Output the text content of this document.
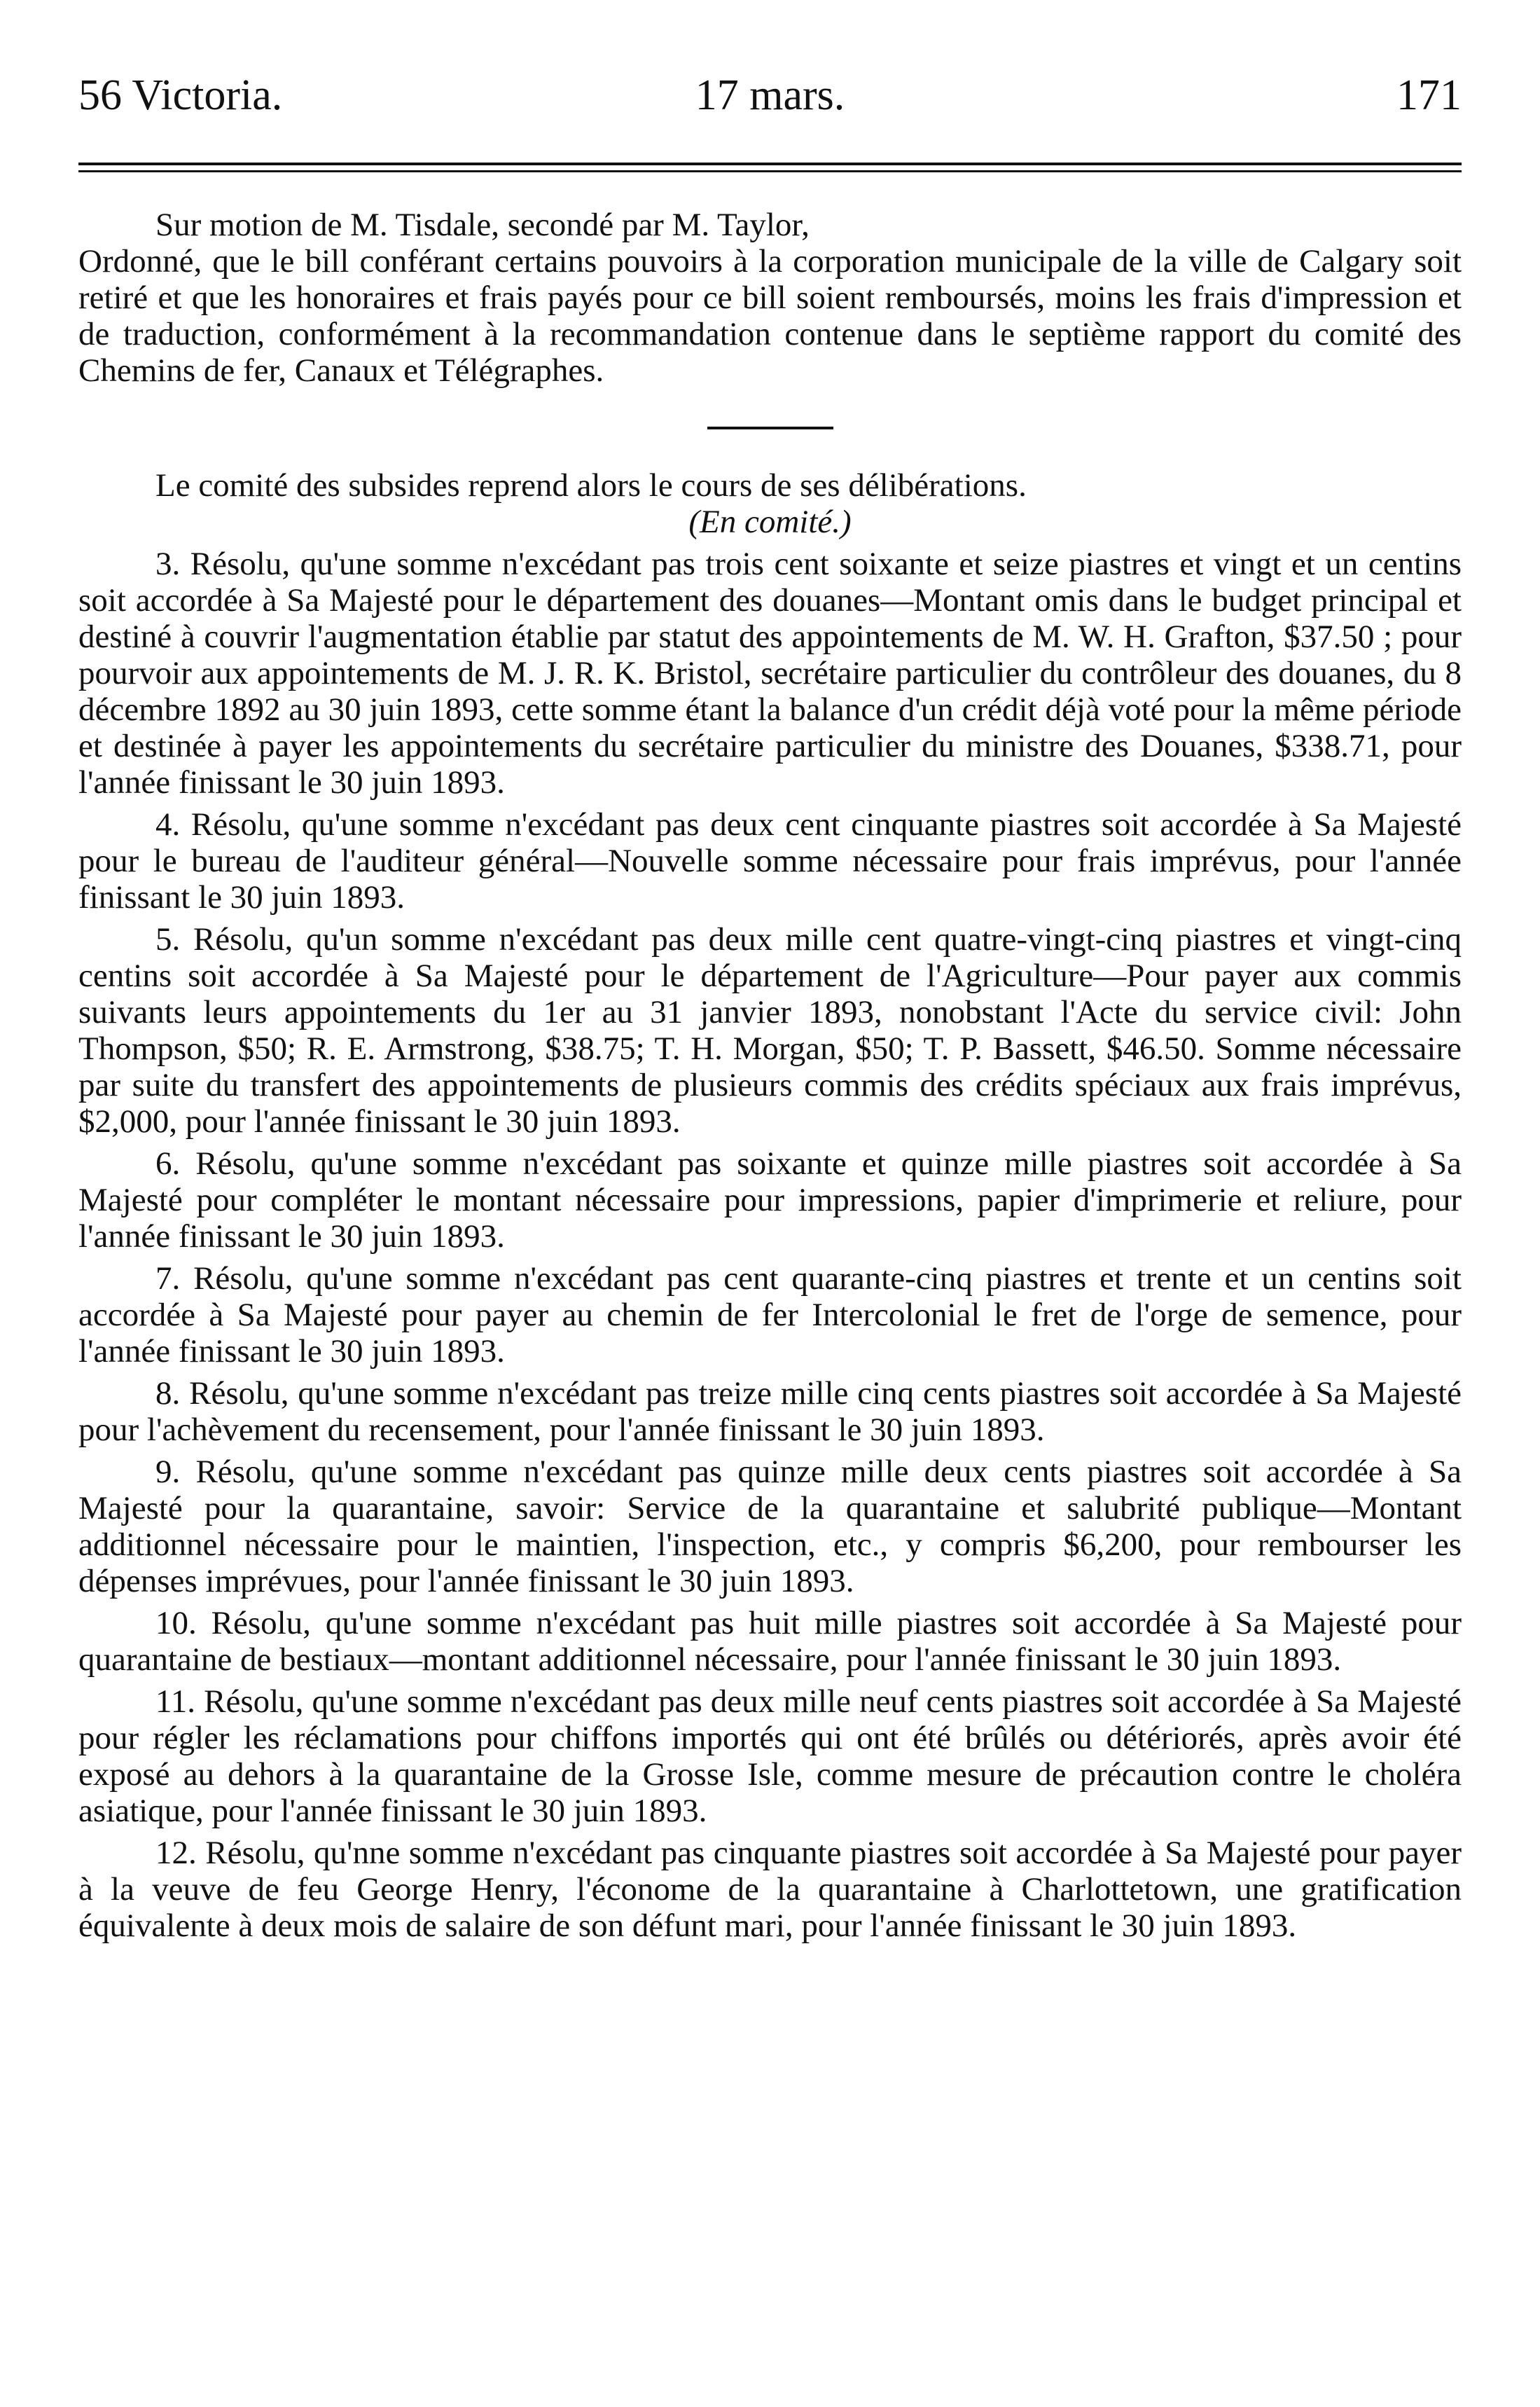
56 Victoria.	17 mars.	171

Sur motion de M. Tisdale, secondé par M. Taylor,

Ordonné, que le bill conférant certains pouvoirs à la corporation municipale de la ville de Calgary soit retiré et que les honoraires et frais payés pour ce bill soient remboursés, moins les frais d'impression et de traduction, conformément à la recommandation contenue dans le septième rapport du comité des Chemins de fer, Canaux et Télégraphes.

Le comité des subsides reprend alors le cours de ses délibérations.

(En comité.)

3. Résolu, qu'une somme n'excédant pas trois cent soixante et seize piastres et vingt et un centins soit accordée à Sa Majesté pour le département des douanes—Montant omis dans le budget principal et destiné à couvrir l'augmentation établie par statut des appointements de M. W. H. Grafton, $37.50 ; pour pourvoir aux appointements de M. J. R. K. Bristol, secrétaire particulier du contrôleur des douanes, du 8 décembre 1892 au 30 juin 1893, cette somme étant la balance d'un crédit déjà voté pour la même période et destinée à payer les appointements du secrétaire particulier du ministre des Douanes, $338.71, pour l'année finissant le 30 juin 1893.

4. Résolu, qu'une somme n'excédant pas deux cent cinquante piastres soit accordée à Sa Majesté pour le bureau de l'auditeur général—Nouvelle somme nécessaire pour frais imprévus, pour l'année finissant le 30 juin 1893.

5. Résolu, qu'un somme n'excédant pas deux mille cent quatre-vingt-cinq piastres et vingt-cinq centins soit accordée à Sa Majesté pour le département de l'Agriculture—Pour payer aux commis suivants leurs appointements du 1er au 31 janvier 1893, nonobstant l'Acte du service civil: John Thompson, $50; R. E. Armstrong, $38.75; T. H. Morgan, $50; T. P. Bassett, $46.50. Somme nécessaire par suite du transfert des appointements de plusieurs commis des crédits spéciaux aux frais imprévus, $2,000, pour l'année finissant le 30 juin 1893.

6. Résolu, qu'une somme n'excédant pas soixante et quinze mille piastres soit accordée à Sa Majesté pour compléter le montant nécessaire pour impressions, papier d'imprimerie et reliure, pour l'année finissant le 30 juin 1893.

7. Résolu, qu'une somme n'excédant pas cent quarante-cinq piastres et trente et un centins soit accordée à Sa Majesté pour payer au chemin de fer Intercolonial le fret de l'orge de semence, pour l'année finissant le 30 juin 1893.

8. Résolu, qu'une somme n'excédant pas treize mille cinq cents piastres soit accordée à Sa Majesté pour l'achèvement du recensement, pour l'année finissant le 30 juin 1893.

9. Résolu, qu'une somme n'excédant pas quinze mille deux cents piastres soit accordée à Sa Majesté pour la quarantaine, savoir: Service de la quarantaine et salubrité publique—Montant additionnel nécessaire pour le maintien, l'inspection, etc., y compris $6,200, pour rembourser les dépenses imprévues, pour l'année finissant le 30 juin 1893.

10. Résolu, qu'une somme n'excédant pas huit mille piastres soit accordée à Sa Majesté pour quarantaine de bestiaux—montant additionnel nécessaire, pour l'année finissant le 30 juin 1893.

11. Résolu, qu'une somme n'excédant pas deux mille neuf cents piastres soit accordée à Sa Majesté pour régler les réclamations pour chiffons importés qui ont été brûlés ou détériorés, après avoir été exposé au dehors à la quarantaine de la Grosse Isle, comme mesure de précaution contre le choléra asiatique, pour l'année finissant le 30 juin 1893.

12. Résolu, qu'nne somme n'excédant pas cinquante piastres soit accordée à Sa Majesté pour payer à la veuve de feu George Henry, l'économe de la quarantaine à Charlottetown, une gratification équivalente à deux mois de salaire de son défunt mari, pour l'année finissant le 30 juin 1893.
